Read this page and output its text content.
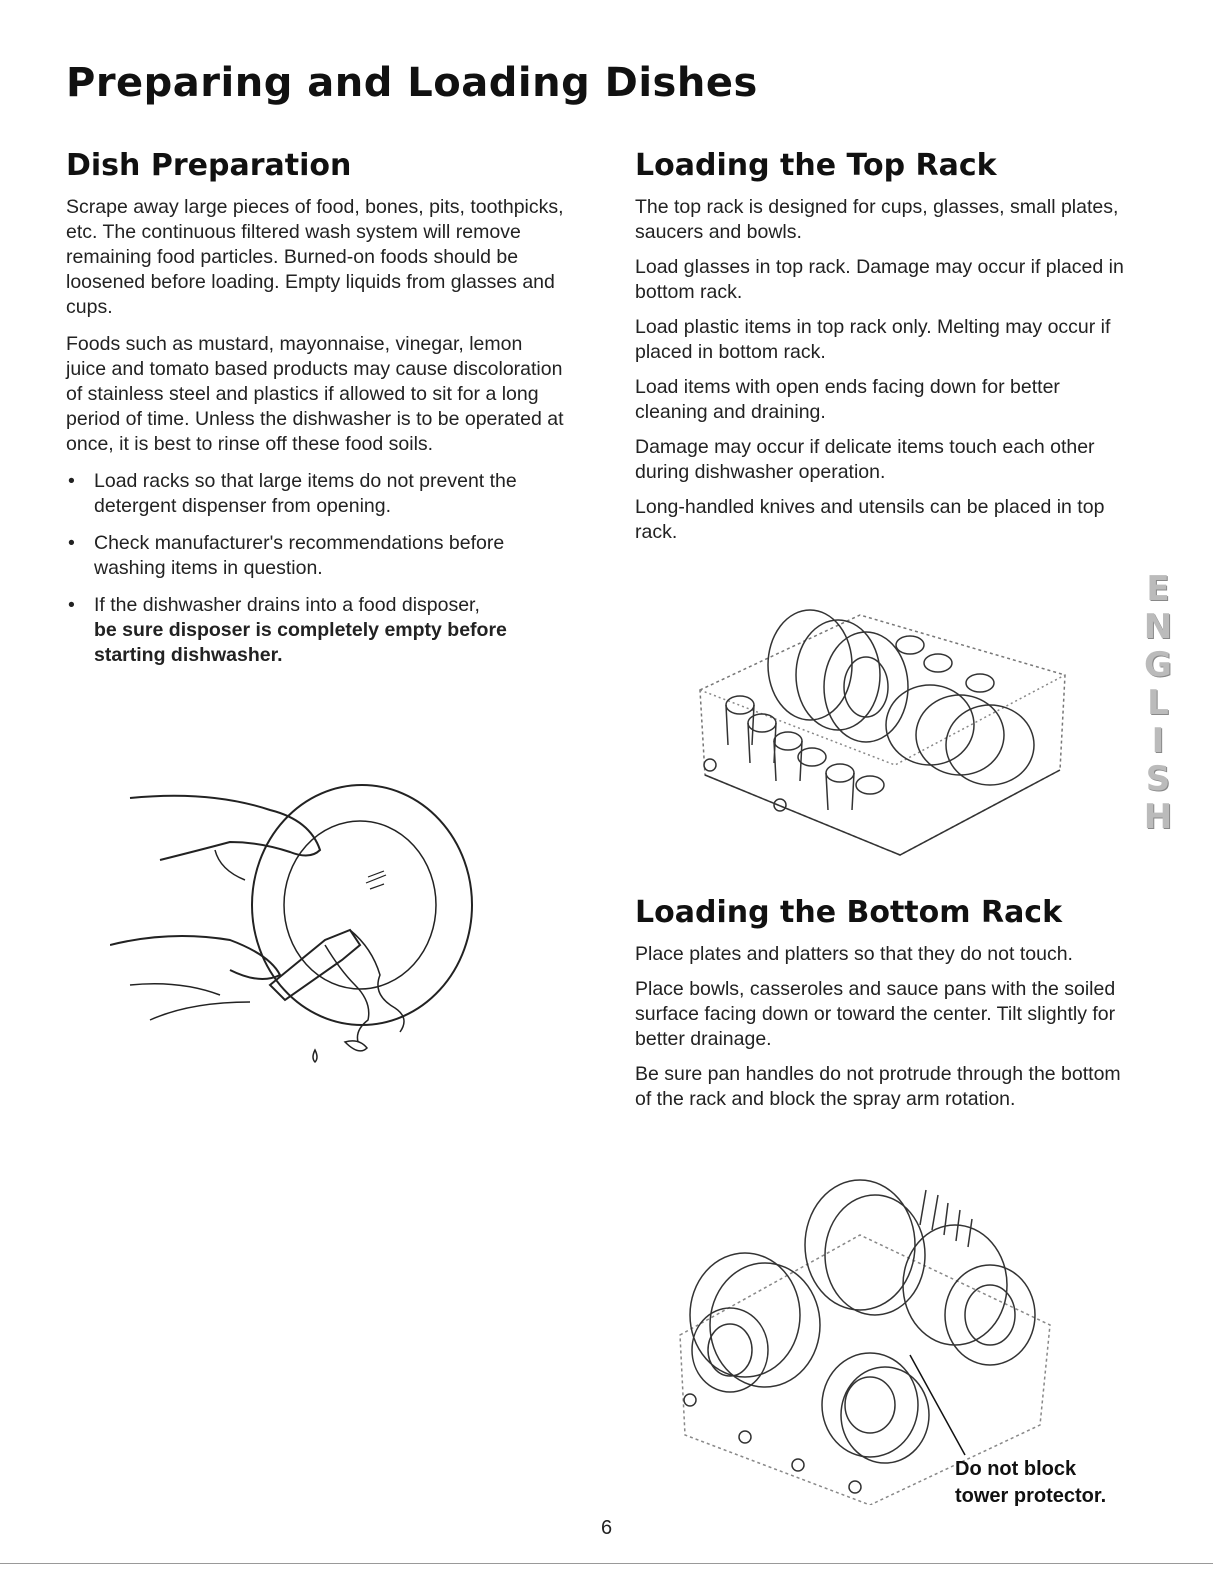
Preparing and Loading Dishes
Dish Preparation

Scrape away large pieces of food, bones, pits, toothpicks, etc. The continuous filtered wash system will remove remaining food particles. Burned-on foods should be loosened before loading. Empty liquids from glasses and cups.

Foods such as mustard, mayonnaise, vinegar, lemon juice and tomato based products may cause discoloration of stainless steel and plastics if allowed to sit for a long period of time. Unless the dishwasher is to be operated at once, it is best to rinse off these food soils.

• Load racks so that large items do not prevent the detergent dispenser from opening.
• Check manufacturer's recommendations before washing items in question.
• If the dishwasher drains into a food disposer,
be sure disposer is completely empty before starting dishwasher.
Loading the Top Rack

The top rack is designed for cups, glasses, small plates, saucers and bowls.

Load glasses in top rack. Damage may occur if placed in bottom rack.

Load plastic items in top rack only. Melting may occur if placed in bottom rack.

Load items with open ends facing down for better cleaning and draining.

Damage may occur if delicate items touch each other during dishwasher operation.

Long-handled knives and utensils can be placed in top rack.

Loading the Bottom Rack

Place plates and platters so that they do not touch.

Place bowls, casseroles and sauce pans with the soiled surface facing down or toward the center. Tilt slightly for better drainage.

Be sure pan handles do not protrude through the bottom of the rack and block the spray arm rotation.

Do not block
tower protector.
E
N
G
L
I
S
H
6
